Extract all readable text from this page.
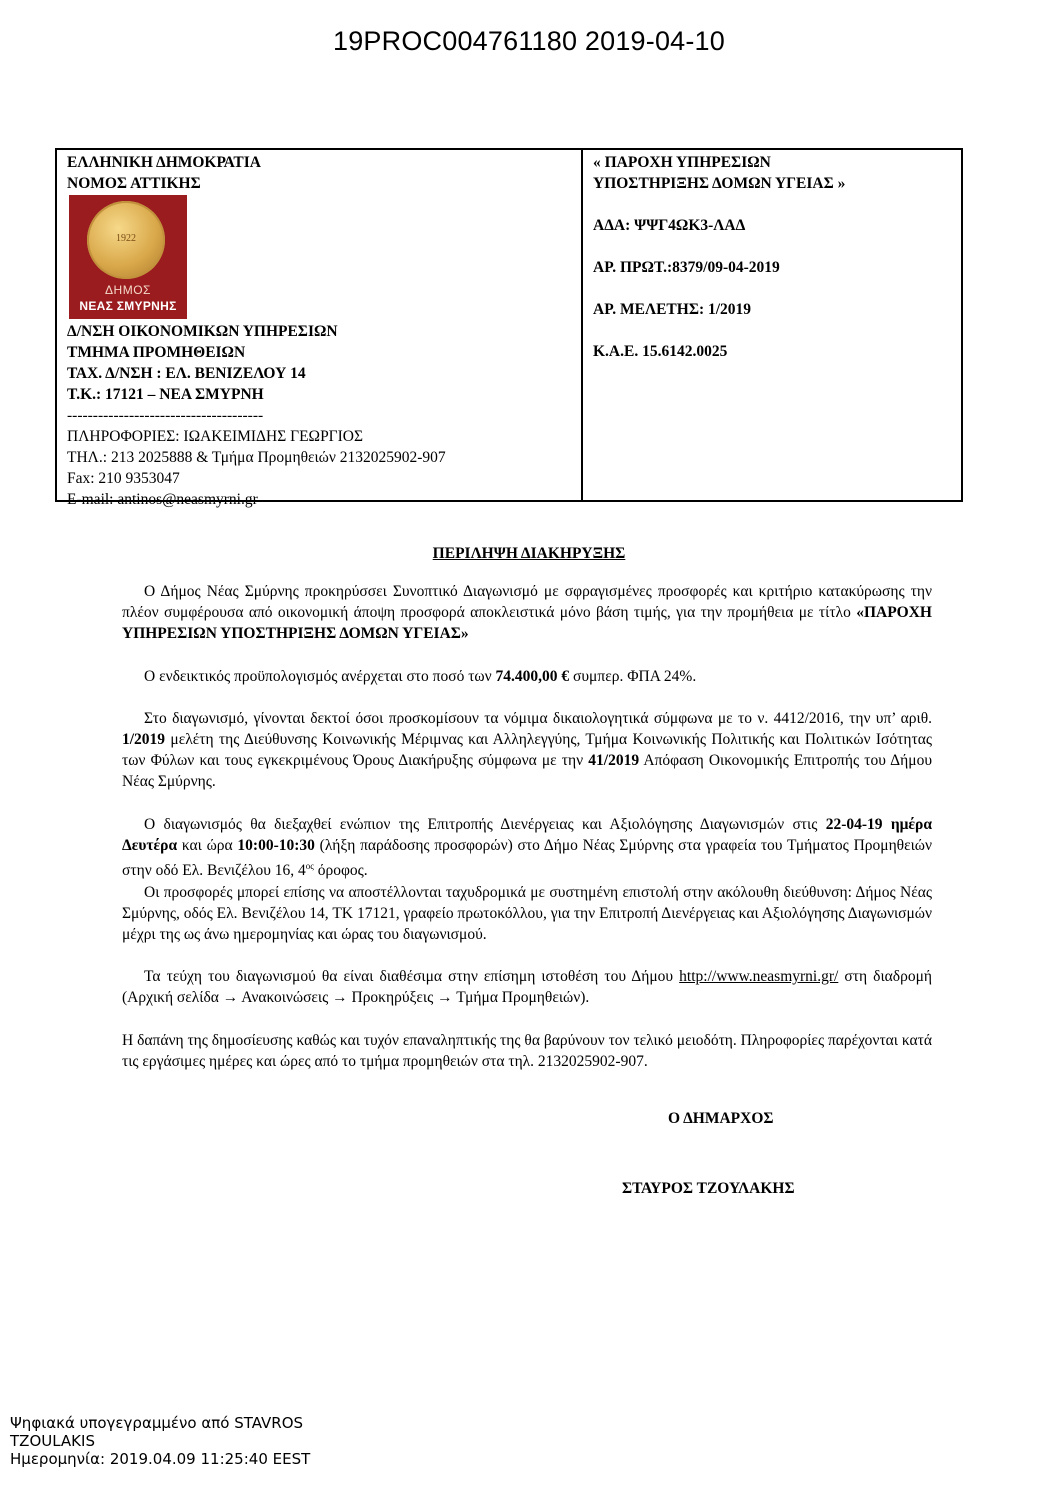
19PROC004761180 2019-04-10
ΕΛΛΗΝΙΚΗ ΔΗΜΟΚΡΑΤΙΑ
ΝΟΜΟΣ ΑΤΤΙΚΗΣ
1922
ΔΗΜΟΣ
ΝΕΑΣ ΣΜΥΡΝΗΣ
Δ/ΝΣΗ ΟΙΚΟΝΟΜΙΚΩΝ ΥΠΗΡΕΣΙΩΝ
ΤΜΗΜΑ ΠΡΟΜΗΘΕΙΩΝ
ΤΑΧ. Δ/ΝΣΗ : ΕΛ. ΒΕΝΙΖΕΛΟΥ 14
Τ.Κ.: 17121 – ΝΕΑ ΣΜΥΡΝΗ
--------------------------------------
ΠΛΗΡΟΦΟΡΙΕΣ: ΙΩΑΚΕΙΜΙΔΗΣ ΓΕΩΡΓΙΟΣ
ΤΗΛ.: 213 2025888 & Τμήμα Προμηθειών 2132025902-907
Fax: 210 9353047
E-mail: antinos@neasmyrni.gr
« ΠΑΡΟΧΗ ΥΠΗΡΕΣΙΩΝ
ΥΠΟΣΤΗΡΙΞΗΣ ΔΟΜΩΝ ΥΓΕΙΑΣ »
ΑΔΑ: ΨΨΓ4ΩΚ3-ΛΑΔ
ΑΡ. ΠΡΩΤ.:8379/09-04-2019
ΑΡ. ΜΕΛΕΤΗΣ: 1/2019
Κ.Α.Ε. 15.6142.0025
ΠΕΡΙΛΗΨΗ ΔΙΑΚΗΡΥΞΗΣ
Ο Δήμος Νέας Σμύρνης προκηρύσσει Συνοπτικό Διαγωνισμό με σφραγισμένες προσφορές και κριτήριο κατακύρωσης την πλέον συμφέρουσα από οικονομική άποψη προσφορά αποκλειστικά μόνο βάση τιμής, για την προμήθεια με τίτλο «ΠΑΡΟΧΗ ΥΠΗΡΕΣΙΩΝ ΥΠΟΣΤΗΡΙΞΗΣ ΔΟΜΩΝ ΥΓΕΙΑΣ»
Ο ενδεικτικός προϋπολογισμός ανέρχεται στο ποσό των 74.400,00 € συμπερ. ΦΠΑ 24%.
Στο διαγωνισμό, γίνονται δεκτοί όσοι προσκομίσουν τα νόμιμα δικαιολογητικά σύμφωνα με το ν. 4412/2016, την υπ’ αριθ. 1/2019 μελέτη της Διεύθυνσης Κοινωνικής Μέριμνας και Αλληλεγγύης, Τμήμα Κοινωνικής Πολιτικής και Πολιτικών Ισότητας των Φύλων και τους εγκεκριμένους Όρους Διακήρυξης σύμφωνα με την 41/2019 Απόφαση Οικονομικής Επιτροπής του Δήμου Νέας Σμύρνης.
Ο διαγωνισμός θα διεξαχθεί ενώπιον της Επιτροπής Διενέργειας και Αξιολόγησης Διαγωνισμών στις 22-04-19 ημέρα Δευτέρα και ώρα 10:00-10:30 (λήξη παράδοσης προσφορών) στο Δήμο Νέας Σμύρνης στα γραφεία του Τμήματος Προμηθειών στην οδό Ελ. Βενιζέλου 16, $4^{o\varsigma}$ όροφος.
Οι προσφορές μπορεί επίσης να αποστέλλονται ταχυδρομικά με συστημένη επιστολή στην ακόλουθη διεύθυνση: Δήμος Νέας Σμύρνης, οδός Ελ. Βενιζέλου 14, ΤΚ 17121, γραφείο πρωτοκόλλου, για την Επιτροπή Διενέργειας και Αξιολόγησης Διαγωνισμών μέχρι της ως άνω ημερομηνίας και ώρας του διαγωνισμού.
Τα τεύχη του διαγωνισμού θα είναι διαθέσιμα στην επίσημη ιστοθέση του Δήμου http://www.neasmyrni.gr/ στη διαδρομή (Αρχική σελίδα → Ανακοινώσεις → Προκηρύξεις → Τμήμα Προμηθειών).
Η δαπάνη της δημοσίευσης καθώς και τυχόν επαναληπτικής της θα βαρύνουν τον τελικό μειοδότη. Πληροφορίες παρέχονται κατά τις εργάσιμες ημέρες και ώρες από το τμήμα προμηθειών στα τηλ. 2132025902-907.
Ο ΔΗΜΑΡΧΟΣ
ΣΤΑΥΡΟΣ ΤΖΟΥΛΑΚΗΣ
Ψηφιακά υπογεγραμμένο από STAVROS
TZOULAKIS
Ημερομηνία: 2019.04.09 11:25:40 EEST
